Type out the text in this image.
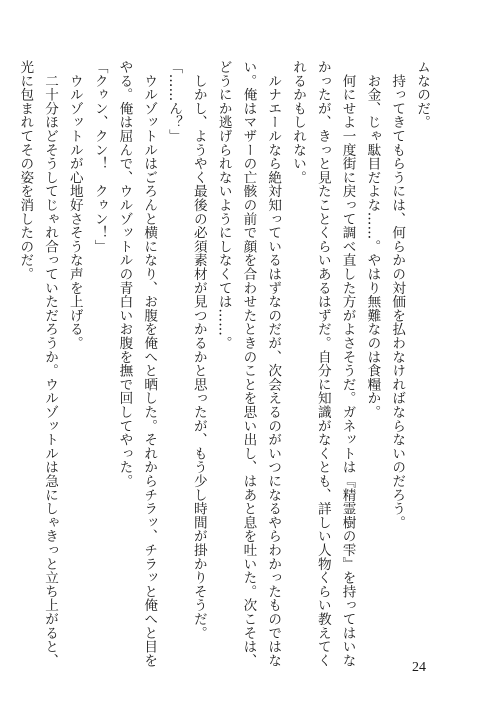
ムなのだ。
　持ってきてもらうには、何らかの対価を払わなければならないのだろう。
　お金、じゃ駄目だよな……。やはり無難なのは食糧か。
　何にせよ一度街に戻って調べ直した方がよさそうだ。ガネットは『精霊樹の雫』を持ってはいな
かったが、きっと見たことくらいあるはずだ。自分に知識がなくとも、詳しい人物くらい教えてく
れるかもしれない。
　ルナエールなら絶対知っているはずなのだが、次会えるのがいつになるやらわかったものではな
い。俺はマザーの亡骸の前で顔を合わせたときのことを思い出し、はあと息を吐いた。次こそは、
どうにか逃げられないようにしなくては……。
　しかし、ようやく最後の必須素材が見つかるかと思ったが、もう少し時間が掛かりそうだ。
「……ん？」
　ウルゾットルはごろんと横になり、お腹を俺へと晒した。それからチラッ、チラッと俺へと目を
やる。俺は屈んで、ウルゾットルの青白いお腹を撫で回してやった。
「クゥン、クン！　クゥン！」
　ウルゾットルが心地好さそうな声を上げる。
　二十分ほどそうしてじゃれ合っていただろうか。ウルゾットルは急にしゃきっと立ち上がると、
光に包まれてその姿を消したのだ。
24
